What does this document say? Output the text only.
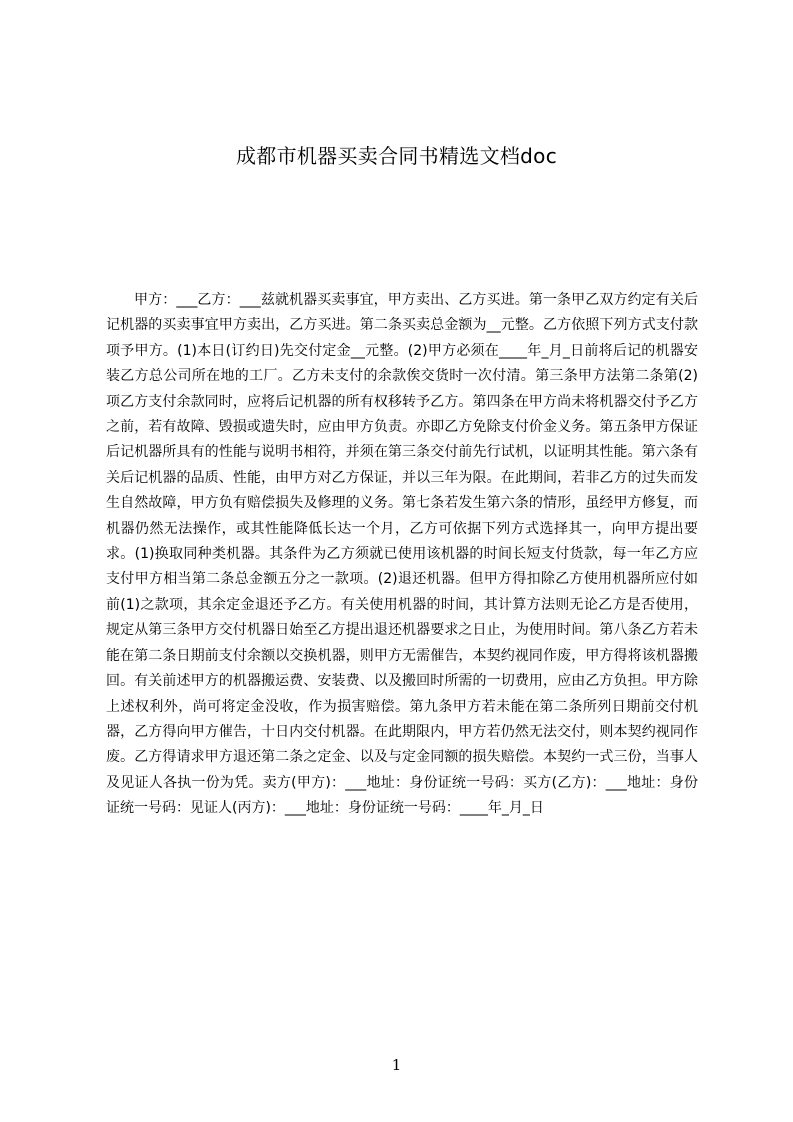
成都市机器买卖合同书精选文档doc

甲方：___乙方：___兹就机器买卖事宜，甲方卖出、乙方买进。第一条甲乙双方约定有关后记机器的买卖事宜甲方卖出，乙方买进。第二条买卖总金额为__元整。乙方依照下列方式支付款项予甲方。(1)本日(订约日)先交付定金__元整。(2)甲方必须在____年_月_日前将后记的机器安装乙方总公司所在地的工厂。乙方未支付的余款俟交货时一次付清。第三条甲方法第二条第(2)项乙方支付余款同时，应将后记机器的所有权移转予乙方。第四条在甲方尚未将机器交付予乙方之前，若有故障、毁损或遗失时，应由甲方负责。亦即乙方免除支付价金义务。第五条甲方保证后记机器所具有的性能与说明书相符，并须在第三条交付前先行试机，以证明其性能。第六条有关后记机器的品质、性能，由甲方对乙方保证，并以三年为限。在此期间，若非乙方的过失而发生自然故障，甲方负有赔偿损失及修理的义务。第七条若发生第六条的情形，虽经甲方修复，而机器仍然无法操作，或其性能降低长达一个月，乙方可依据下列方式选择其一，向甲方提出要求。(1)换取同种类机器。其条件为乙方须就已使用该机器的时间长短支付货款，每一年乙方应支付甲方相当第二条总金额五分之一款项。(2)退还机器。但甲方得扣除乙方使用机器所应付如前(1)之款项，其余定金退还予乙方。有关使用机器的时间，其计算方法则无论乙方是否使用，规定从第三条甲方交付机器日始至乙方提出退还机器要求之日止，为使用时间。第八条乙方若未能在第二条日期前支付余额以交换机器，则甲方无需催告，本契约视同作废，甲方得将该机器搬回。有关前述甲方的机器搬运费、安装费、以及搬回时所需的一切费用，应由乙方负担。甲方除上述权利外，尚可将定金没收，作为损害赔偿。第九条甲方若未能在第二条所列日期前交付机器，乙方得向甲方催告，十日内交付机器。在此期限内，甲方若仍然无法交付，则本契约视同作废。乙方得请求甲方退还第二条之定金、以及与定金同额的损失赔偿。本契约一式三份，当事人及见证人各执一份为凭。卖方(甲方)：___地址：身份证统一号码：买方(乙方)：___地址：身份证统一号码：见证人(丙方)：___地址：身份证统一号码：____年_月_日

1
